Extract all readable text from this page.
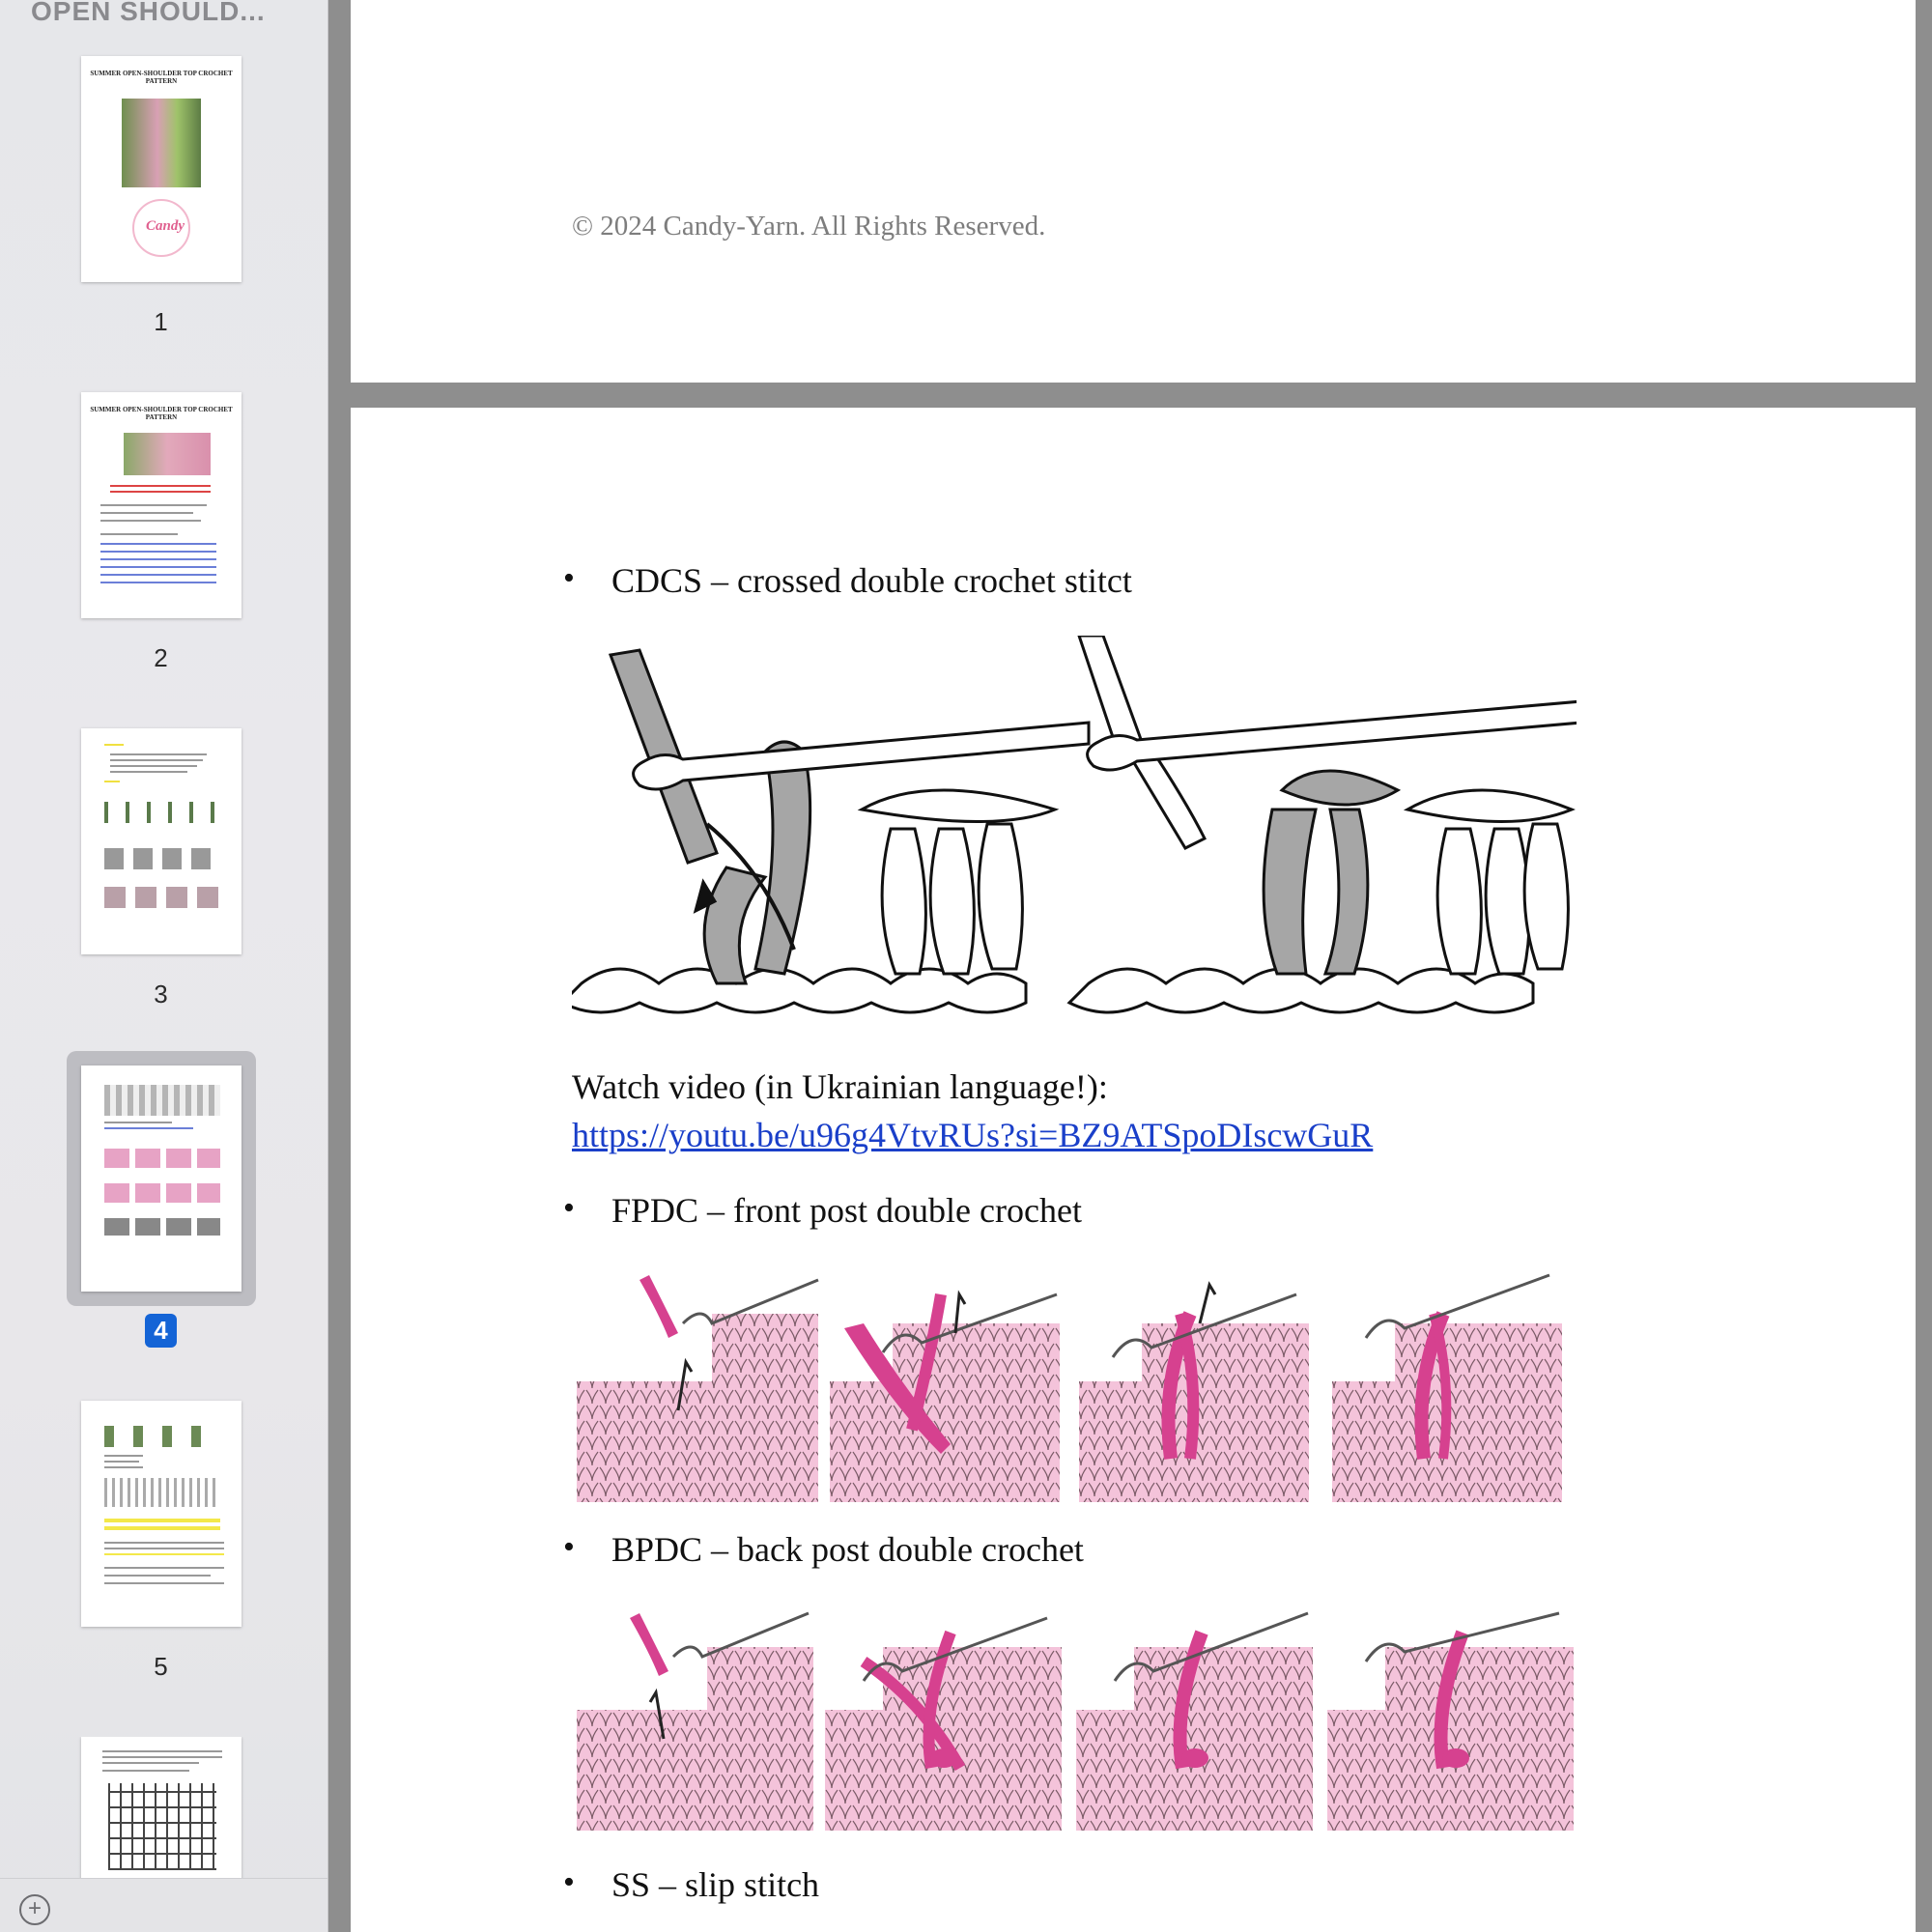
OPEN SHOULD...
SUMMER OPEN-SHOULDER TOP CROCHET PATTERN
Candy
1
SUMMER OPEN-SHOULDER TOP CROCHET PATTERN
2
3
4
5
+
© 2024 Candy-Yarn. All Rights Reserved.
• CDCS – crossed double crochet stitct
Watch video (in Ukrainian language!):
https://youtu.be/u96g4VtvRUs?si=BZ9ATSpoDIscwGuR
• FPDC – front post double crochet
• BPDC – back post double crochet
• SS – slip stitch
